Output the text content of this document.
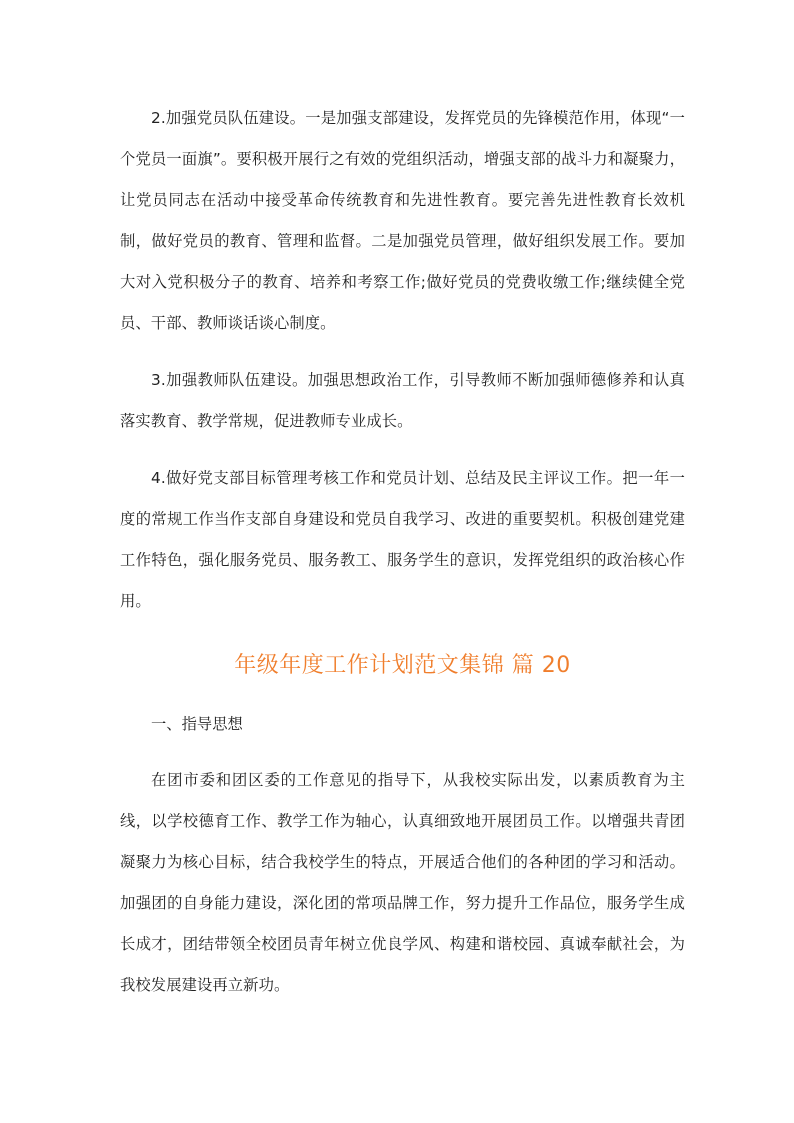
2.加强党员队伍建设。一是加强支部建设，发挥党员的先锋模范作用，体现“一个党员一面旗”。要积极开展行之有效的党组织活动，增强支部的战斗力和凝聚力，让党员同志在活动中接受革命传统教育和先进性教育。要完善先进性教育长效机制，做好党员的教育、管理和监督。二是加强党员管理，做好组织发展工作。要加大对入党积极分子的教育、培养和考察工作;做好党员的党费收缴工作;继续健全党员、干部、教师谈话谈心制度。

3.加强教师队伍建设。加强思想政治工作，引导教师不断加强师德修养和认真落实教育、教学常规，促进教师专业成长。

4.做好党支部目标管理考核工作和党员计划、总结及民主评议工作。把一年一度的常规工作当作支部自身建设和党员自我学习、改进的重要契机。积极创建党建工作特色，强化服务党员、服务教工、服务学生的意识，发挥党组织的政治核心作用。

年级年度工作计划范文集锦 篇 20

一、指导思想

在团市委和团区委的工作意见的指导下，从我校实际出发，以素质教育为主线，以学校德育工作、教学工作为轴心，认真细致地开展团员工作。以增强共青团凝聚力为核心目标，结合我校学生的特点，开展适合他们的各种团的学习和活动。加强团的自身能力建设，深化团的常项品牌工作，努力提升工作品位，服务学生成长成才，团结带领全校团员青年树立优良学风、构建和谐校园、真诚奉献社会，为我校发展建设再立新功。
